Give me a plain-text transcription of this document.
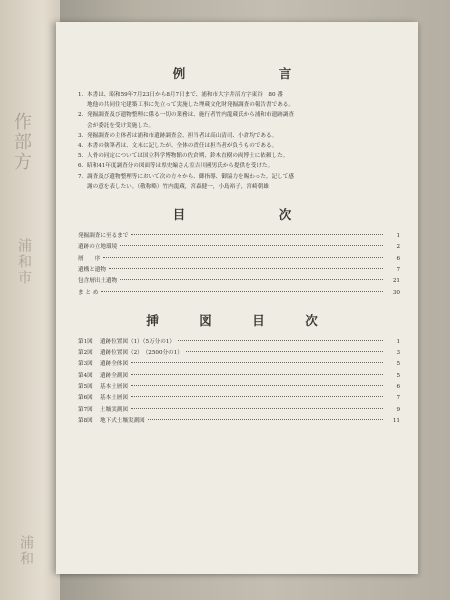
作部方
浦和市
浦和
例　　　言
1. 本書は、昭和59年7月23日から8月7日まで、浦和市大字井沼方字東谷　80 番
地他の共同住宅建築工事に先立って実施した埋蔵文化財発掘調査の報告書である。
2. 発掘調査及び遺物整理に係る一切の業務は、施行者竹内龍蔵氏から浦和市遺跡調査
会が委託を受け実施した。
3. 発掘調査の主体者は浦和市遺跡調査会、担当者は高山清司、小倉均である。
4. 本書の執筆者は、文末に記したが、全体の責任は担当者が負うものである。
5. 人骨の同定については国立科学博物館の佐倉朔、鈴木直樹の両博士に依頼した。
6. 昭和41年度調査分の図面等は県史編さん室吉川國男氏から提供を受けた。
7. 調査及び遺物整理等において次の方々から、御指導、御協力を賜わった。記して感
謝の意を表したい。（敬称略）竹内龍蔵，宮森健一，小島裕子，宮崎朝雄
目　　　次
発掘調査に至るまで	1
遺跡の立地環境	2
層　　序	6
遺構と遺物	7
包含層出土遺物	21
ま と め	30
挿　図　目　次
第1図	遺跡位置図（1）（5万分の1）	1
第2図	遺跡位置図（2）　（2500分の1）	3
第3図	遺跡全体図	5
第4図	遺跡全測図	5
第5図	基本土層図	6
第6図	基本土層図	7
第7図	土壙実測図	9
第8図	地下式土壙実測図	11
